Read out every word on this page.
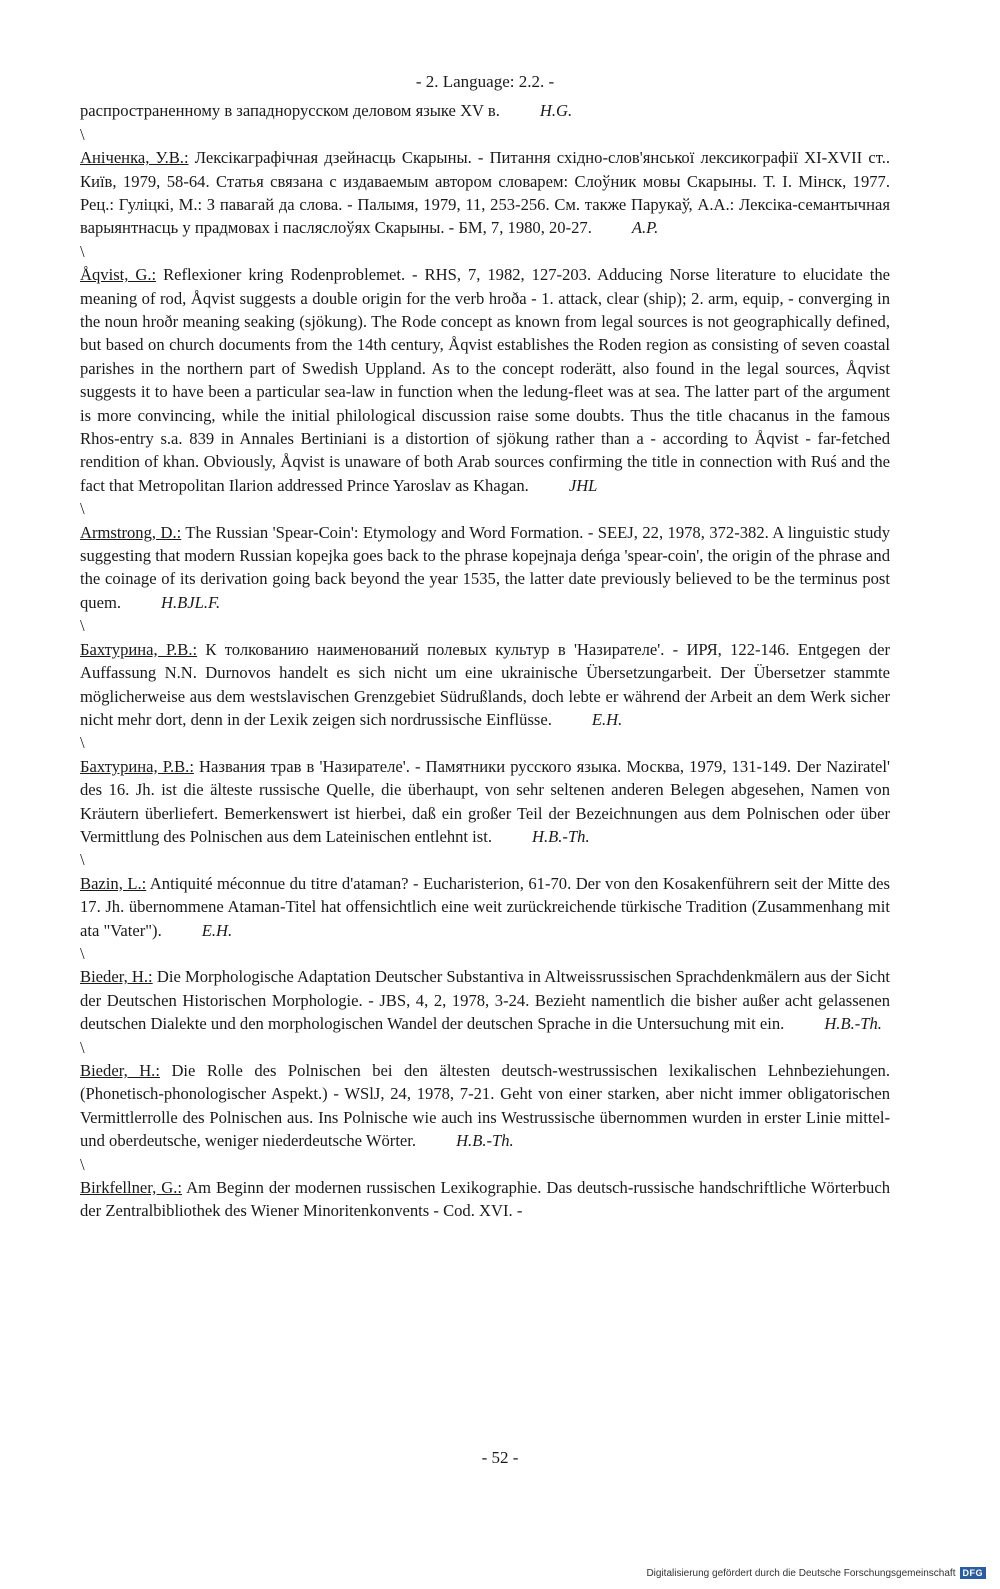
- 2. Language: 2.2. -
распространенному в западнорусском деловом языке XV в. H.G.
\
Аніченка, У.В.: Лексікаграфічная дзейнасць Скарыны. - Питання східно-слов'янської лексикографії XI-XVII ст.. Київ, 1979, 58-64. Статья связана с издаваемым автором словарем: Слоўник мовы Скарыны. Т. I. Мінск, 1977. Рец.: Гуліцкі, М.: З павагай да слова. - Палымя, 1979, 11, 253-256. См. также Парукаў, А.А.: Лексіка-семантычная варыянтнасць у прадмовах і пасляслоўях Скарыны. - БМ, 7, 1980, 20-27. A.P.
\
Åqvist, G.: Reflexioner kring Rodenproblemet. - RHS, 7, 1982, 127-203. Adducing Norse literature to elucidate the meaning of rod, Åqvist suggests a double origin for the verb hroða - 1. attack, clear (ship); 2. arm, equip, - converging in the noun hroðr meaning seaking (sjökung). The Rode concept as known from legal sources is not geographically defined, but based on church documents from the 14th century, Åqvist establishes the Roden region as consisting of seven coastal parishes in the northern part of Swedish Uppland. As to the concept roderätt, also found in the legal sources, Åqvist suggests it to have been a particular sea-law in function when the ledung-fleet was at sea. The latter part of the argument is more convincing, while the initial philological discussion raise some doubts. Thus the title chacanus in the famous Rhos-entry s.a. 839 in Annales Bertiniani is a distortion of sjökung rather than a - according to Åqvist - far-fetched rendition of khan. Obviously, Åqvist is unaware of both Arab sources confirming the title in connection with Ruś and the fact that Metropolitan Ilarion addressed Prince Yaroslav as Khagan. JHL
\
Armstrong, D.: The Russian 'Spear-Coin': Etymology and Word Formation. - SEEJ, 22, 1978, 372-382. A linguistic study suggesting that modern Russian kopejka goes back to the phrase kopejnaja deńga 'spear-coin', the origin of the phrase and the coinage of its derivation going back beyond the year 1535, the latter date previously believed to be the terminus post quem. H.BJL.F.
\
Бахтурина, Р.В.: К толкованию наименований полевых культур в 'Назирателе'. - ИРЯ, 122-146. Entgegen der Auffassung N.N. Durnovos handelt es sich nicht um eine ukrainische Übersetzungarbeit. Der Übersetzer stammte möglicherweise aus dem westslavischen Grenzgebiet Südrußlands, doch lebte er während der Arbeit an dem Werk sicher nicht mehr dort, denn in der Lexik zeigen sich nordrussische Einflüsse. E.H.
\
Бахтурина, Р.В.: Названия трав в 'Назирателе'. - Памятники русского языка. Москва, 1979, 131-149. Der Naziratel' des 16. Jh. ist die älteste russische Quelle, die überhaupt, von sehr seltenen anderen Belegen abgesehen, Namen von Kräutern überliefert. Bemerkenswert ist hierbei, daß ein großer Teil der Bezeichnungen aus dem Polnischen oder über Vermittlung des Polnischen aus dem Lateinischen entlehnt ist. H.B.-Th.
\
Bazin, L.: Antiquité méconnue du titre d'ataman? - Eucharisterion, 61-70. Der von den Kosakenführern seit der Mitte des 17. Jh. übernommene Ataman-Titel hat offensichtlich eine weit zurückreichende türkische Tradition (Zusammenhang mit ata "Vater"). E.H.
\
Bieder, H.: Die Morphologische Adaptation Deutscher Substantiva in Altweissrussischen Sprachdenkmälern aus der Sicht der Deutschen Historischen Morphologie. - JBS, 4, 2, 1978, 3-24. Bezieht namentlich die bisher außer acht gelassenen deutschen Dialekte und den morphologischen Wandel der deutschen Sprache in die Untersuchung mit ein. H.B.-Th.
\
Bieder, H.: Die Rolle des Polnischen bei den ältesten deutsch-westrussischen lexikalischen Lehnbeziehungen. (Phonetisch-phonologischer Aspekt.) - WSlJ, 24, 1978, 7-21. Geht von einer starken, aber nicht immer obligatorischen Vermittlerrolle des Polnischen aus. Ins Polnische wie auch ins Westrussische übernommen wurden in erster Linie mittel- und oberdeutsche, weniger niederdeutsche Wörter. H.B.-Th.
\
Birkfellner, G.: Am Beginn der modernen russischen Lexikographie. Das deutsch-russische handschriftliche Wörterbuch der Zentralbibliothek des Wiener Minoritenkonvents - Cod. XVI. -
- 52 -
Digitalisierung gefördert durch die Deutsche Forschungsgemeinschaft DFG
